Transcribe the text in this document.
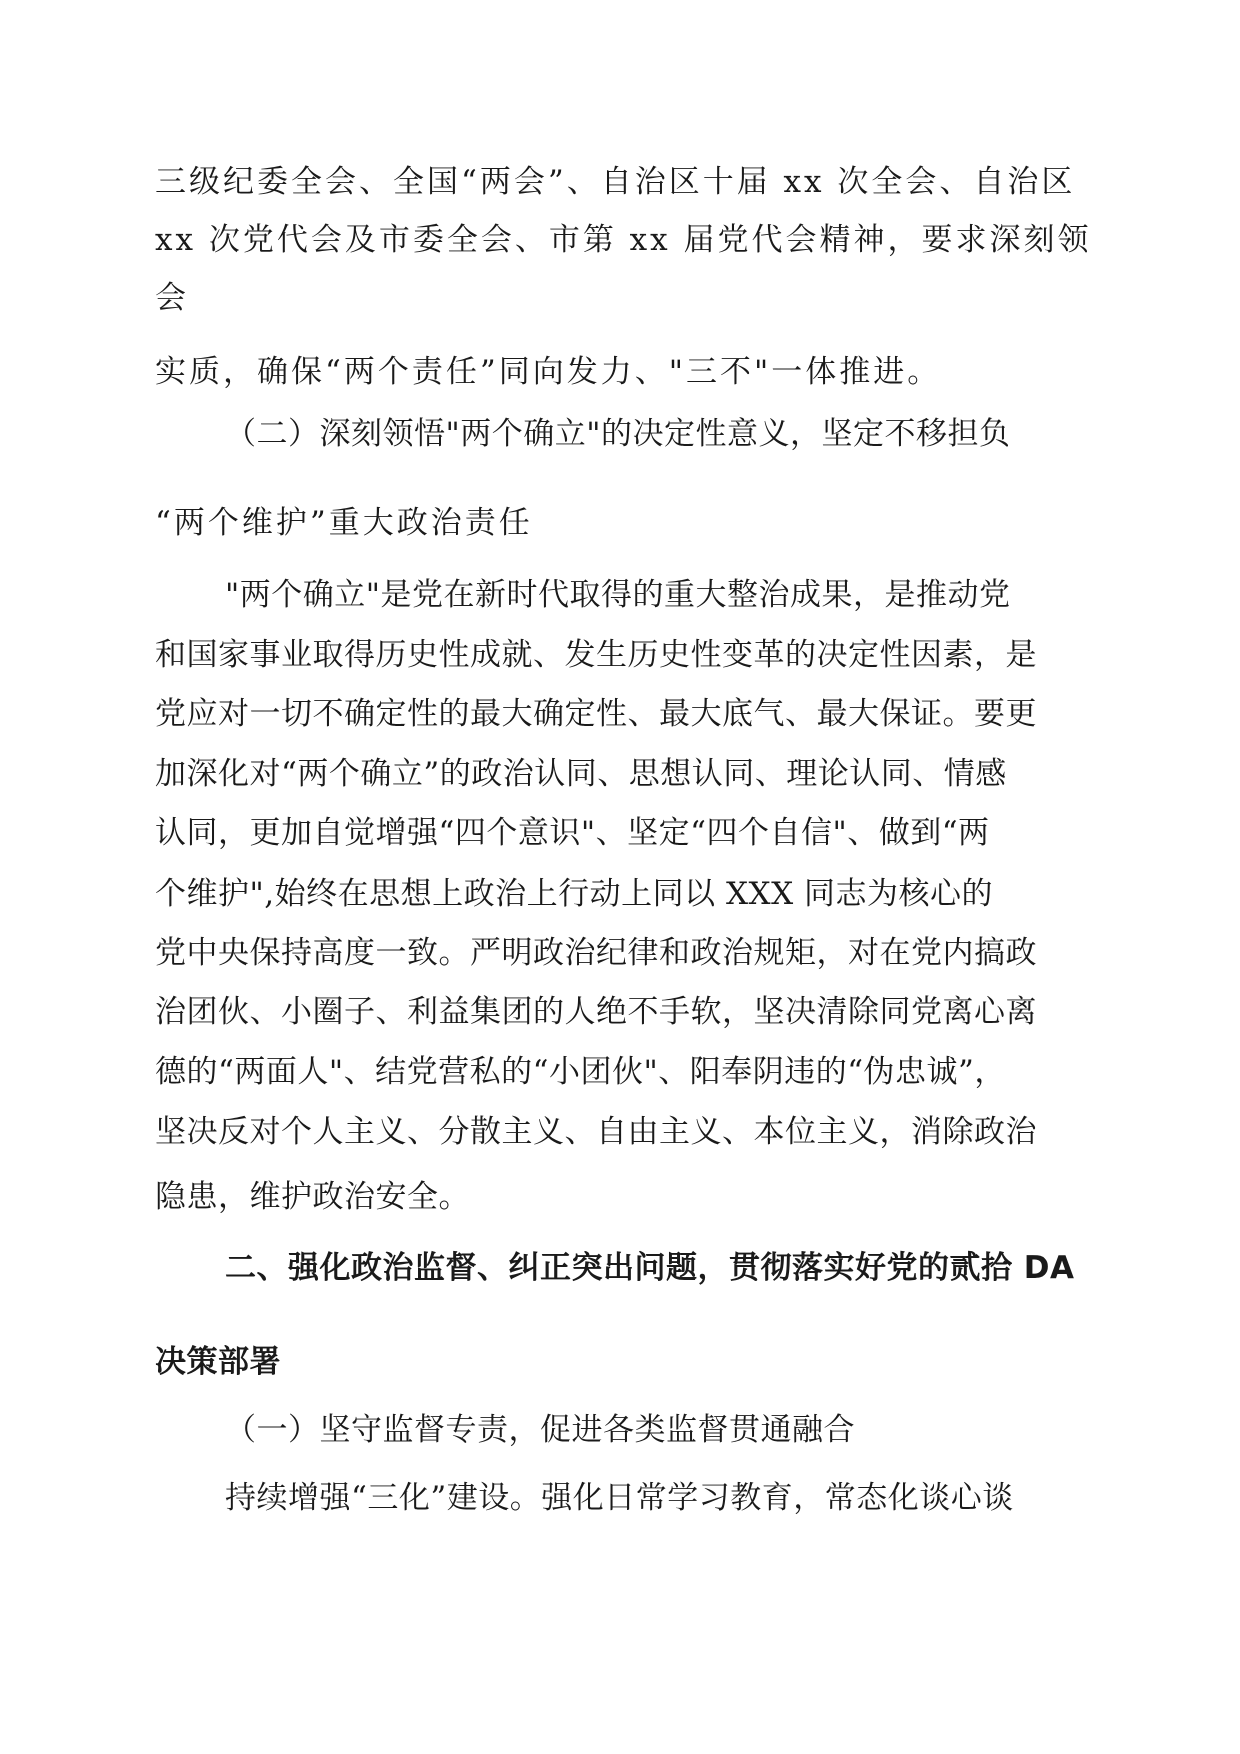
三级纪委全会、全国“两会”、自治区十届 xx 次全会、自治区

xx 次党代会及市委全会、市第 xx 届党代会精神，要求深刻领

会

实质，确保“两个责任”同向发力、"三不"一体推进。

（二）深刻领悟"两个确立"的决定性意义，坚定不移担负

“两个维护”重大政治责任

"两个确立"是党在新时代取得的重大整治成果，是推动党

和国家事业取得历史性成就、发生历史性变革的决定性因素，是

党应对一切不确定性的最大确定性、最大底气、最大保证。要更

加深化对“两个确立”的政治认同、思想认同、理论认同、情感

认同，更加自觉增强“四个意识"、坚定“四个自信"、做到“两

个维护",始终在思想上政治上行动上同以 XXX 同志为核心的

党中央保持高度一致。严明政治纪律和政治规矩，对在党内搞政

治团伙、小圈子、利益集团的人绝不手软，坚决清除同党离心离

德的“两面人"、结党营私的“小团伙"、阳奉阴违的“伪忠诚”，

坚决反对个人主义、分散主义、自由主义、本位主义，消除政治

隐患，维护政治安全。

二、强化政治监督、纠正突出问题，贯彻落实好党的贰拾 DA

决策部署

（一）坚守监督专责，促进各类监督贯通融合

持续增强“三化”建设。强化日常学习教育，常态化谈心谈
